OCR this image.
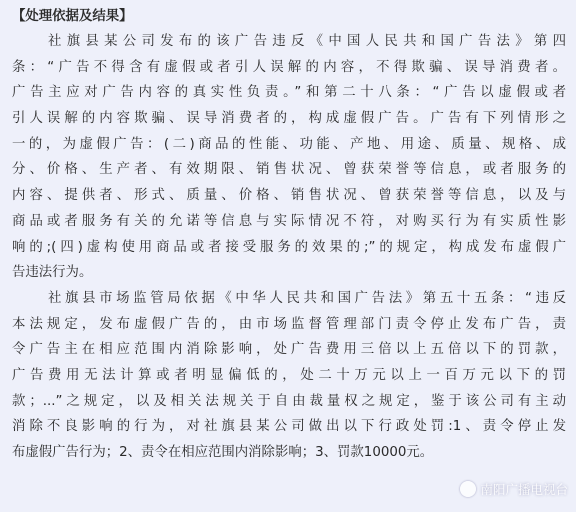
【处理依据及结果】
社旗县某公司发布的该广告违反《中国人民共和国广告法》第四
条：“广告不得含有虚假或者引人误解的内容，不得欺骗、误导消费者。
广告主应对广告内容的真实性负责。”和第二十八条：“广告以虚假或者
引人误解的内容欺骗、误导消费者的，构成虚假广告。广告有下列情形之
一的，为虚假广告：(二)商品的性能、功能、产地、用途、质量、规格、成
分、价格、生产者、有效期限、销售状况、曾获荣誉等信息，或者服务的
内容、提供者、形式、质量、价格、销售状况、曾获荣誉等信息，以及与
商品或者服务有关的允诺等信息与实际情况不符，对购买行为有实质性影
响的;(四)虚构使用商品或者接受服务的效果的;”的规定，构成发布虚假广
告违法行为。
社旗县市场监管局依据《中华人民共和国广告法》第五十五条：“违反
本法规定，发布虚假广告的，由市场监督管理部门责令停止发布广告，责
令广告主在相应范围内消除影响，处广告费用三倍以上五倍以下的罚款，
广告费用无法计算或者明显偏低的，处二十万元以上一百万元以下的罚
款；...”之规定，以及相关法规关于自由裁量权之规定，鉴于该公司有主动
消除不良影响的行为，对社旗县某公司做出以下行政处罚:1、责令停止发
布虚假广告行为；2、责令在相应范围内消除影响；3、罚款10000元。
南阳广播电视台
